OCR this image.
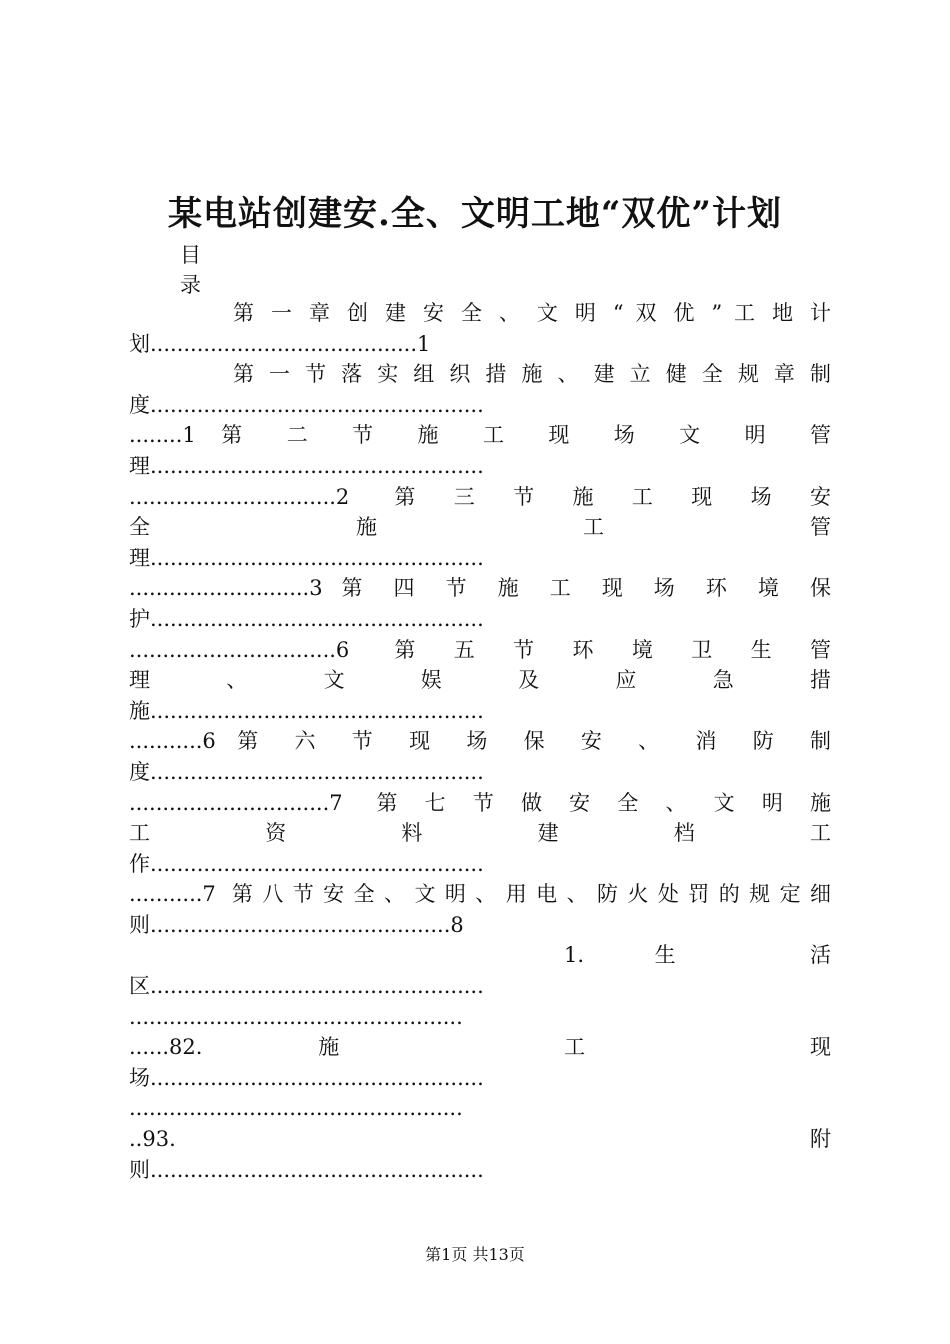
某电站创建安.全、文明工地“双优”计划
目
录
第 一 章 创 建 安 全 、 文 明 “ 双 优 ” 工 地 计
划........................................1
第 一 节 落 实 组 织 措 施 、 建 立 健 全 规 章 制
度..................................................
........1 第 二 节 施 工 现 场 文 明 管
理..................................................
...............................2 第三节施工现场安
全 施 工 管
理..................................................
...........................3 第 四 节 施 工 现 场 环 境 保
护..................................................
...............................6 第五节环境卫生管
理 、 文 娱 及 应 急 措
施..................................................
...........6 第 六 节 现 场 保 安 、 消 防 制
度..................................................
..............................7 第七节做安全、文明施
工 资 料 建 档 工
作..................................................
...........7 第八节安全、文明、用电、防火处罚的规定细
则.............................................8
1. 生 活
区..................................................
..................................................
......82. 施 工 现
场..................................................
..................................................
..93. 附
则..................................................
第1页 共13页
